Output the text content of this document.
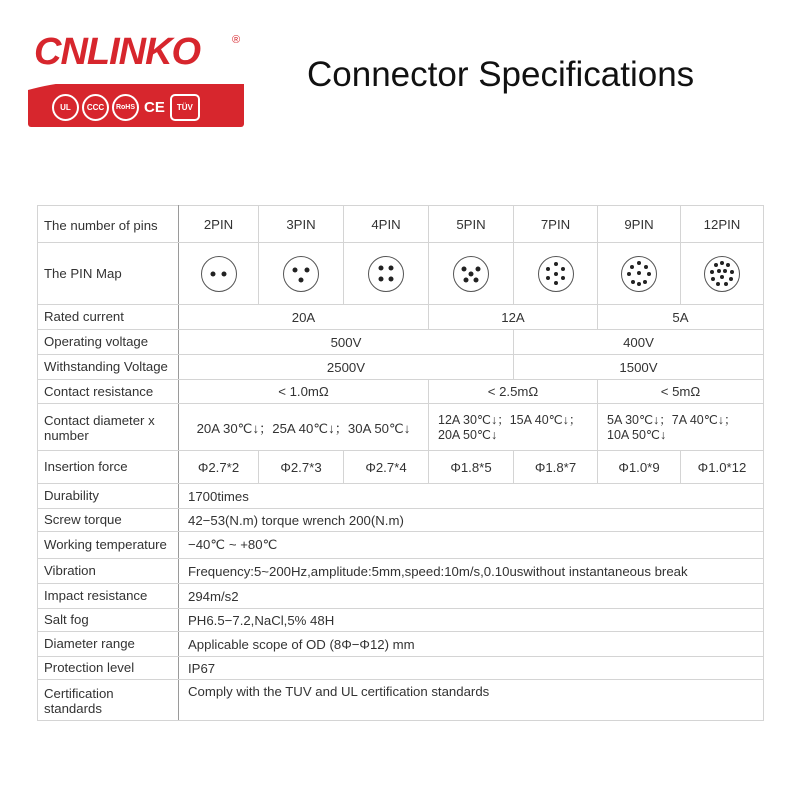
CNLINKO
UL	CCC	RoHS CE	TÜV
®
Connector Specifications
The number of pins	2PIN	3PIN	4PIN	5PIN	7PIN	9PIN	12PIN
The PIN Map	

Rated current	20A			12A		5A	
Operating voltage	500V				400V		
Withstanding Voltage	2500V				1500V		
Contact resistance	< 1.0mΩ			< 2.5mΩ		< 5mΩ	
Contact diameter x number	20A 30℃↓；25A 40℃↓；30A 50℃↓			12A 30℃↓；15A 40℃↓；20A 50℃↓		5A 30℃↓；7A 40℃↓；10A 50℃↓	
Insertion force	Φ2.7*2	Φ2.7*3	Φ2.7*4	Φ1.8*5	Φ1.8*7	Φ1.0*9	Φ1.0*12
Durability	1700times						
Screw torque	42−53(N.m) torque wrench 200(N.m)						
Working temperature	−40℃ ~ +80℃						
Vibration	Frequency:5~200Hz,amplitude:5mm,speed:10m/s,0.10uswithout instantaneous break						
Impact resistance	294m/s2						
Salt fog	PH6.5−7.2,NaCl,5% 48H						
Diameter range	Applicable scope of OD (8Φ−Φ12) mm						
Protection level	IP67						
Certification standards	Comply with the TUV and UL certification standards						
